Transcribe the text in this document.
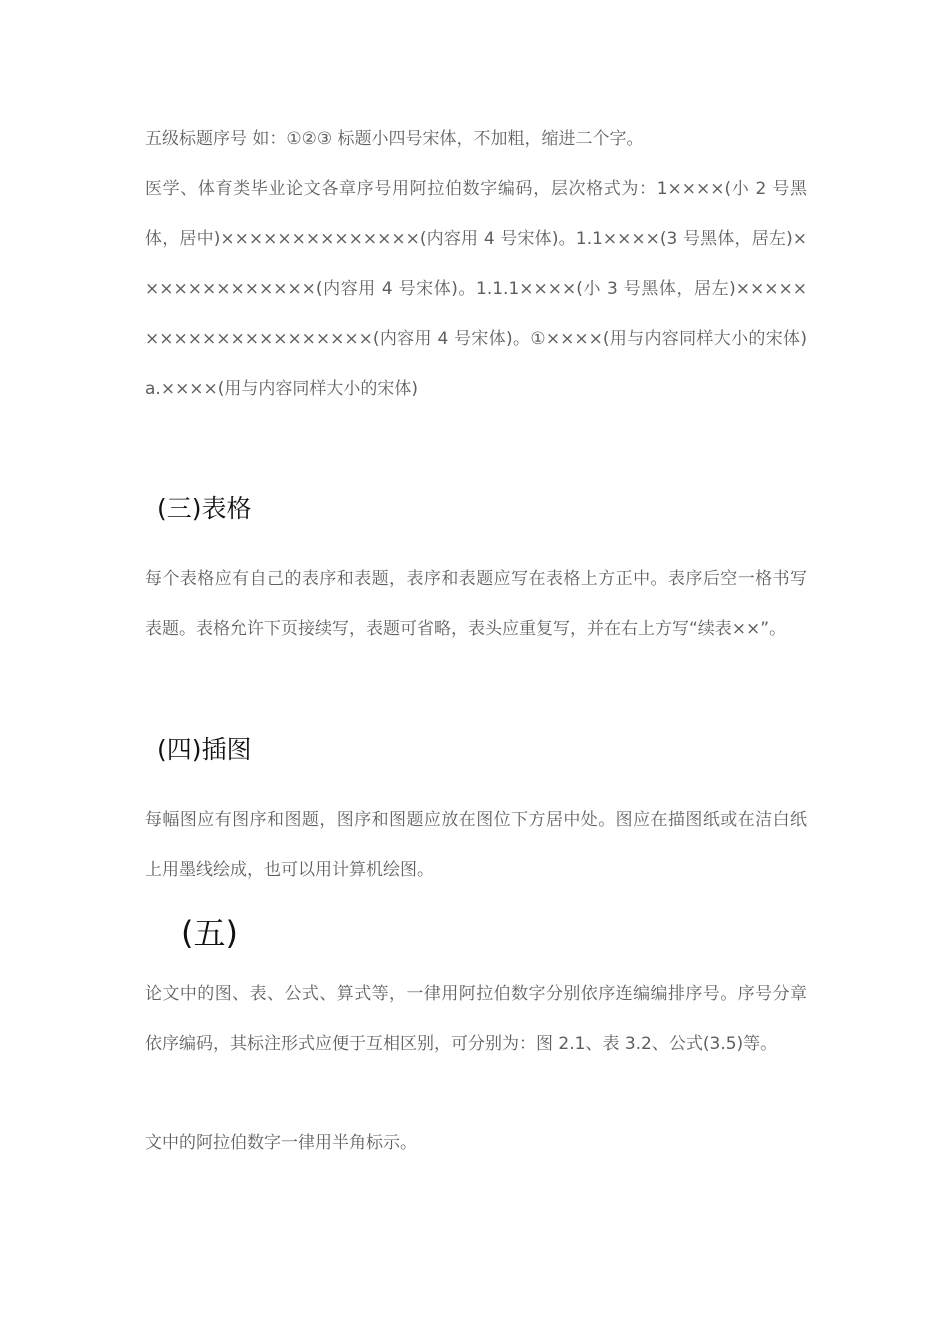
五级标题序号 如：①②③ 标题小四号宋体，不加粗，缩进二个字。

医学、体育类毕业论文各章序号用阿拉伯数字编码，层次格式为：1××××(小 2 号黑体，居中)××××××××××××××(内容用 4 号宋体)。1.1××××(3 号黑体，居左)×××××××××××××(内容用 4 号宋体)。1.1.1××××(小 3 号黑体，居左)×××××××××××××××××××××(内容用 4 号宋体)。①××××(用与内容同样大小的宋体)a.××××(用与内容同样大小的宋体)

(三)表格

每个表格应有自己的表序和表题，表序和表题应写在表格上方正中。表序后空一格书写表题。表格允许下页接续写，表题可省略，表头应重复写，并在右上方写“续表××”。

(四)插图

每幅图应有图序和图题，图序和图题应放在图位下方居中处。图应在描图纸或在洁白纸上用墨线绘成，也可以用计算机绘图。

(五)

论文中的图、表、公式、算式等，一律用阿拉伯数字分别依序连编编排序号。序号分章依序编码，其标注形式应便于互相区别，可分别为：图 2.1、表 3.2、公式(3.5)等。

文中的阿拉伯数字一律用半角标示。
